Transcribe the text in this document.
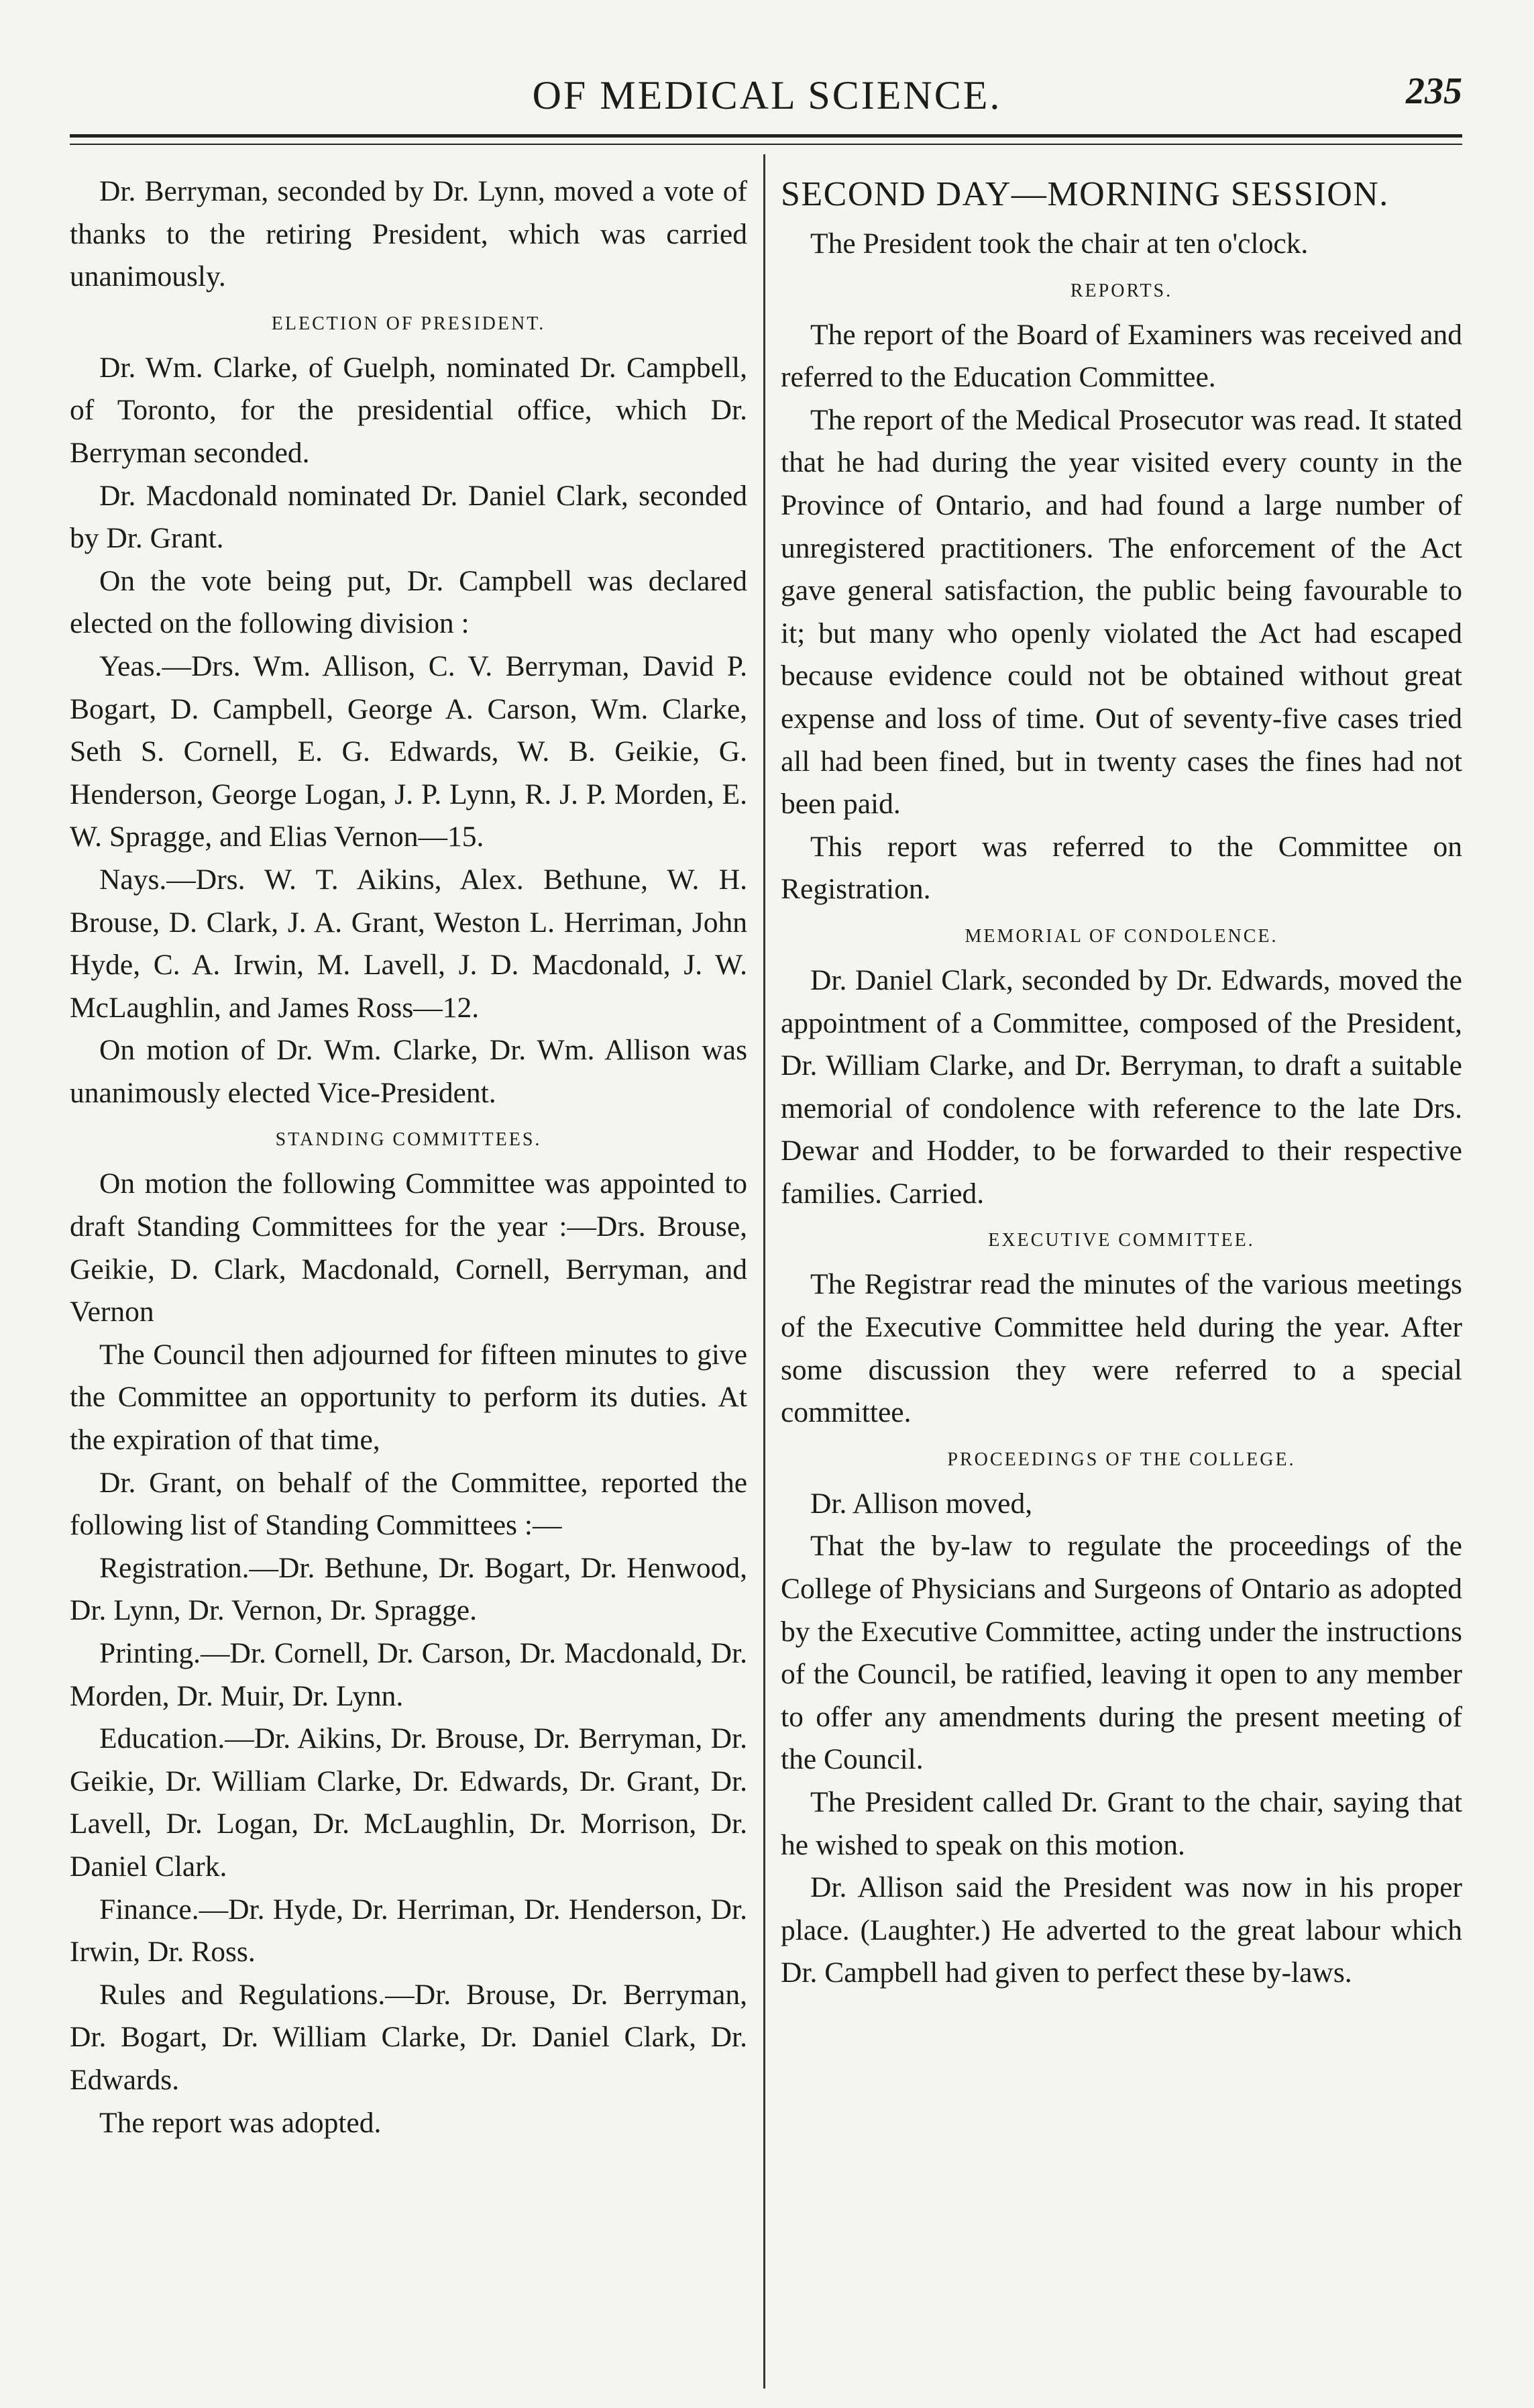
OF MEDICAL SCIENCE.	235

Dr. Berryman, seconded by Dr. Lynn, moved a vote of thanks to the retiring President, which was carried unanimously.

ELECTION OF PRESIDENT.

Dr. Wm. Clarke, of Guelph, nominated Dr. Campbell, of Toronto, for the presidential office, which Dr. Berryman seconded.

Dr. Macdonald nominated Dr. Daniel Clark, seconded by Dr. Grant.

On the vote being put, Dr. Campbell was declared elected on the following division :

Yeas.—Drs. Wm. Allison, C. V. Berryman, David P. Bogart, D. Campbell, George A. Carson, Wm. Clarke, Seth S. Cornell, E. G. Edwards, W. B. Geikie, G. Henderson, George Logan, J. P. Lynn, R. J. P. Morden, E. W. Spragge, and Elias Vernon—15.

Nays.—Drs. W. T. Aikins, Alex. Bethune, W. H. Brouse, D. Clark, J. A. Grant, Weston L. Herriman, John Hyde, C. A. Irwin, M. Lavell, J. D. Macdonald, J. W. McLaughlin, and James Ross—12.

On motion of Dr. Wm. Clarke, Dr. Wm. Allison was unanimously elected Vice-President.

STANDING COMMITTEES.

On motion the following Committee was appointed to draft Standing Committees for the year :—Drs. Brouse, Geikie, D. Clark, Macdonald, Cornell, Berryman, and Vernon

The Council then adjourned for fifteen minutes to give the Committee an opportunity to perform its duties. At the expiration of that time,

Dr. Grant, on behalf of the Committee, reported the following list of Standing Committees :—

Registration.—Dr. Bethune, Dr. Bogart, Dr. Henwood, Dr. Lynn, Dr. Vernon, Dr. Spragge.

Printing.—Dr. Cornell, Dr. Carson, Dr. Macdonald, Dr. Morden, Dr. Muir, Dr. Lynn.

Education.—Dr. Aikins, Dr. Brouse, Dr. Berryman, Dr. Geikie, Dr. William Clarke, Dr. Edwards, Dr. Grant, Dr. Lavell, Dr. Logan, Dr. McLaughlin, Dr. Morrison, Dr. Daniel Clark.

Finance.—Dr. Hyde, Dr. Herriman, Dr. Henderson, Dr. Irwin, Dr. Ross.

Rules and Regulations.—Dr. Brouse, Dr. Berryman, Dr. Bogart, Dr. William Clarke, Dr. Daniel Clark, Dr. Edwards.

The report was adopted.

SECOND DAY—MORNING SESSION.

The President took the chair at ten o'clock.

REPORTS.

The report of the Board of Examiners was received and referred to the Education Committee.

The report of the Medical Prosecutor was read. It stated that he had during the year visited every county in the Province of Ontario, and had found a large number of unregistered practitioners. The enforcement of the Act gave general satisfaction, the public being favourable to it; but many who openly violated the Act had escaped because evidence could not be obtained without great expense and loss of time. Out of seventy-five cases tried all had been fined, but in twenty cases the fines had not been paid.

This report was referred to the Committee on Registration.

MEMORIAL OF CONDOLENCE.

Dr. Daniel Clark, seconded by Dr. Edwards, moved the appointment of a Committee, composed of the President, Dr. William Clarke, and Dr. Berryman, to draft a suitable memorial of condolence with reference to the late Drs. Dewar and Hodder, to be forwarded to their respective families. Carried.

EXECUTIVE COMMITTEE.

The Registrar read the minutes of the various meetings of the Executive Committee held during the year. After some discussion they were referred to a special committee.

PROCEEDINGS OF THE COLLEGE.

Dr. Allison moved,

That the by-law to regulate the proceedings of the College of Physicians and Surgeons of Ontario as adopted by the Executive Committee, acting under the instructions of the Council, be ratified, leaving it open to any member to offer any amendments during the present meeting of the Council.

The President called Dr. Grant to the chair, saying that he wished to speak on this motion.

Dr. Allison said the President was now in his proper place. (Laughter.) He adverted to the great labour which Dr. Campbell had given to perfect these by-laws.
